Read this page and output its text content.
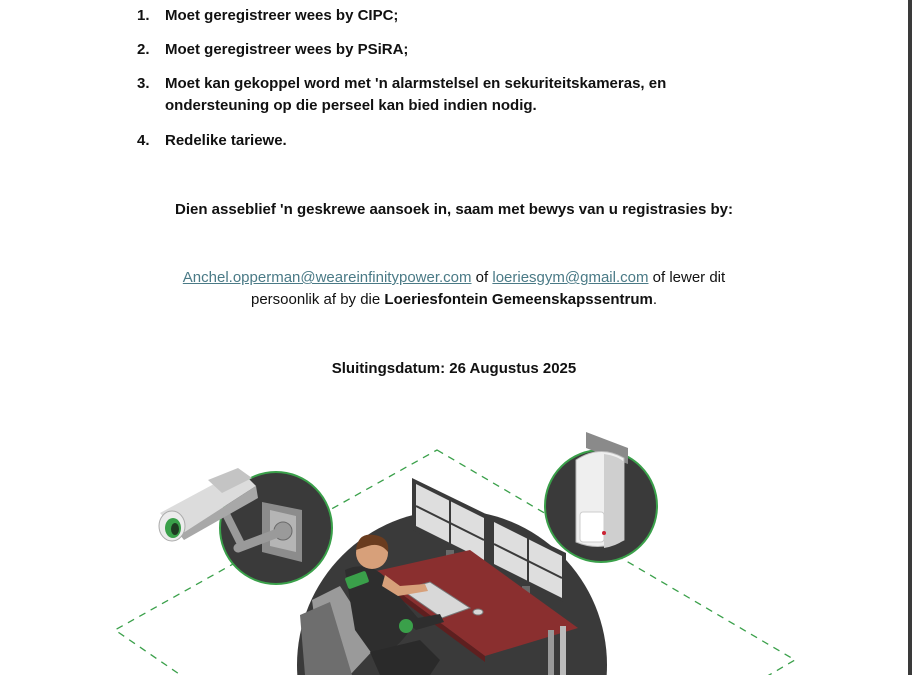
1.	Moet geregistreer wees by CIPC;
2.	Moet geregistreer wees by PSiRA;
3.	Moet kan gekoppel word met 'n alarmstelsel en sekuriteitskameras, en
ondersteuning op die perseel kan bied indien nodig.
4.	Redelike tariewe.
Dien asseblief 'n geskrewe aansoek in, saam met bewys van u registrasies by:
Anchel.opperman@weareinfinitypower.com of loeriesgym@gmail.com of lewer dit
persoonlik af by die Loeriesfontein Gemeenskapssentrum.
Sluitingsdatum: 26 Augustus 2025
